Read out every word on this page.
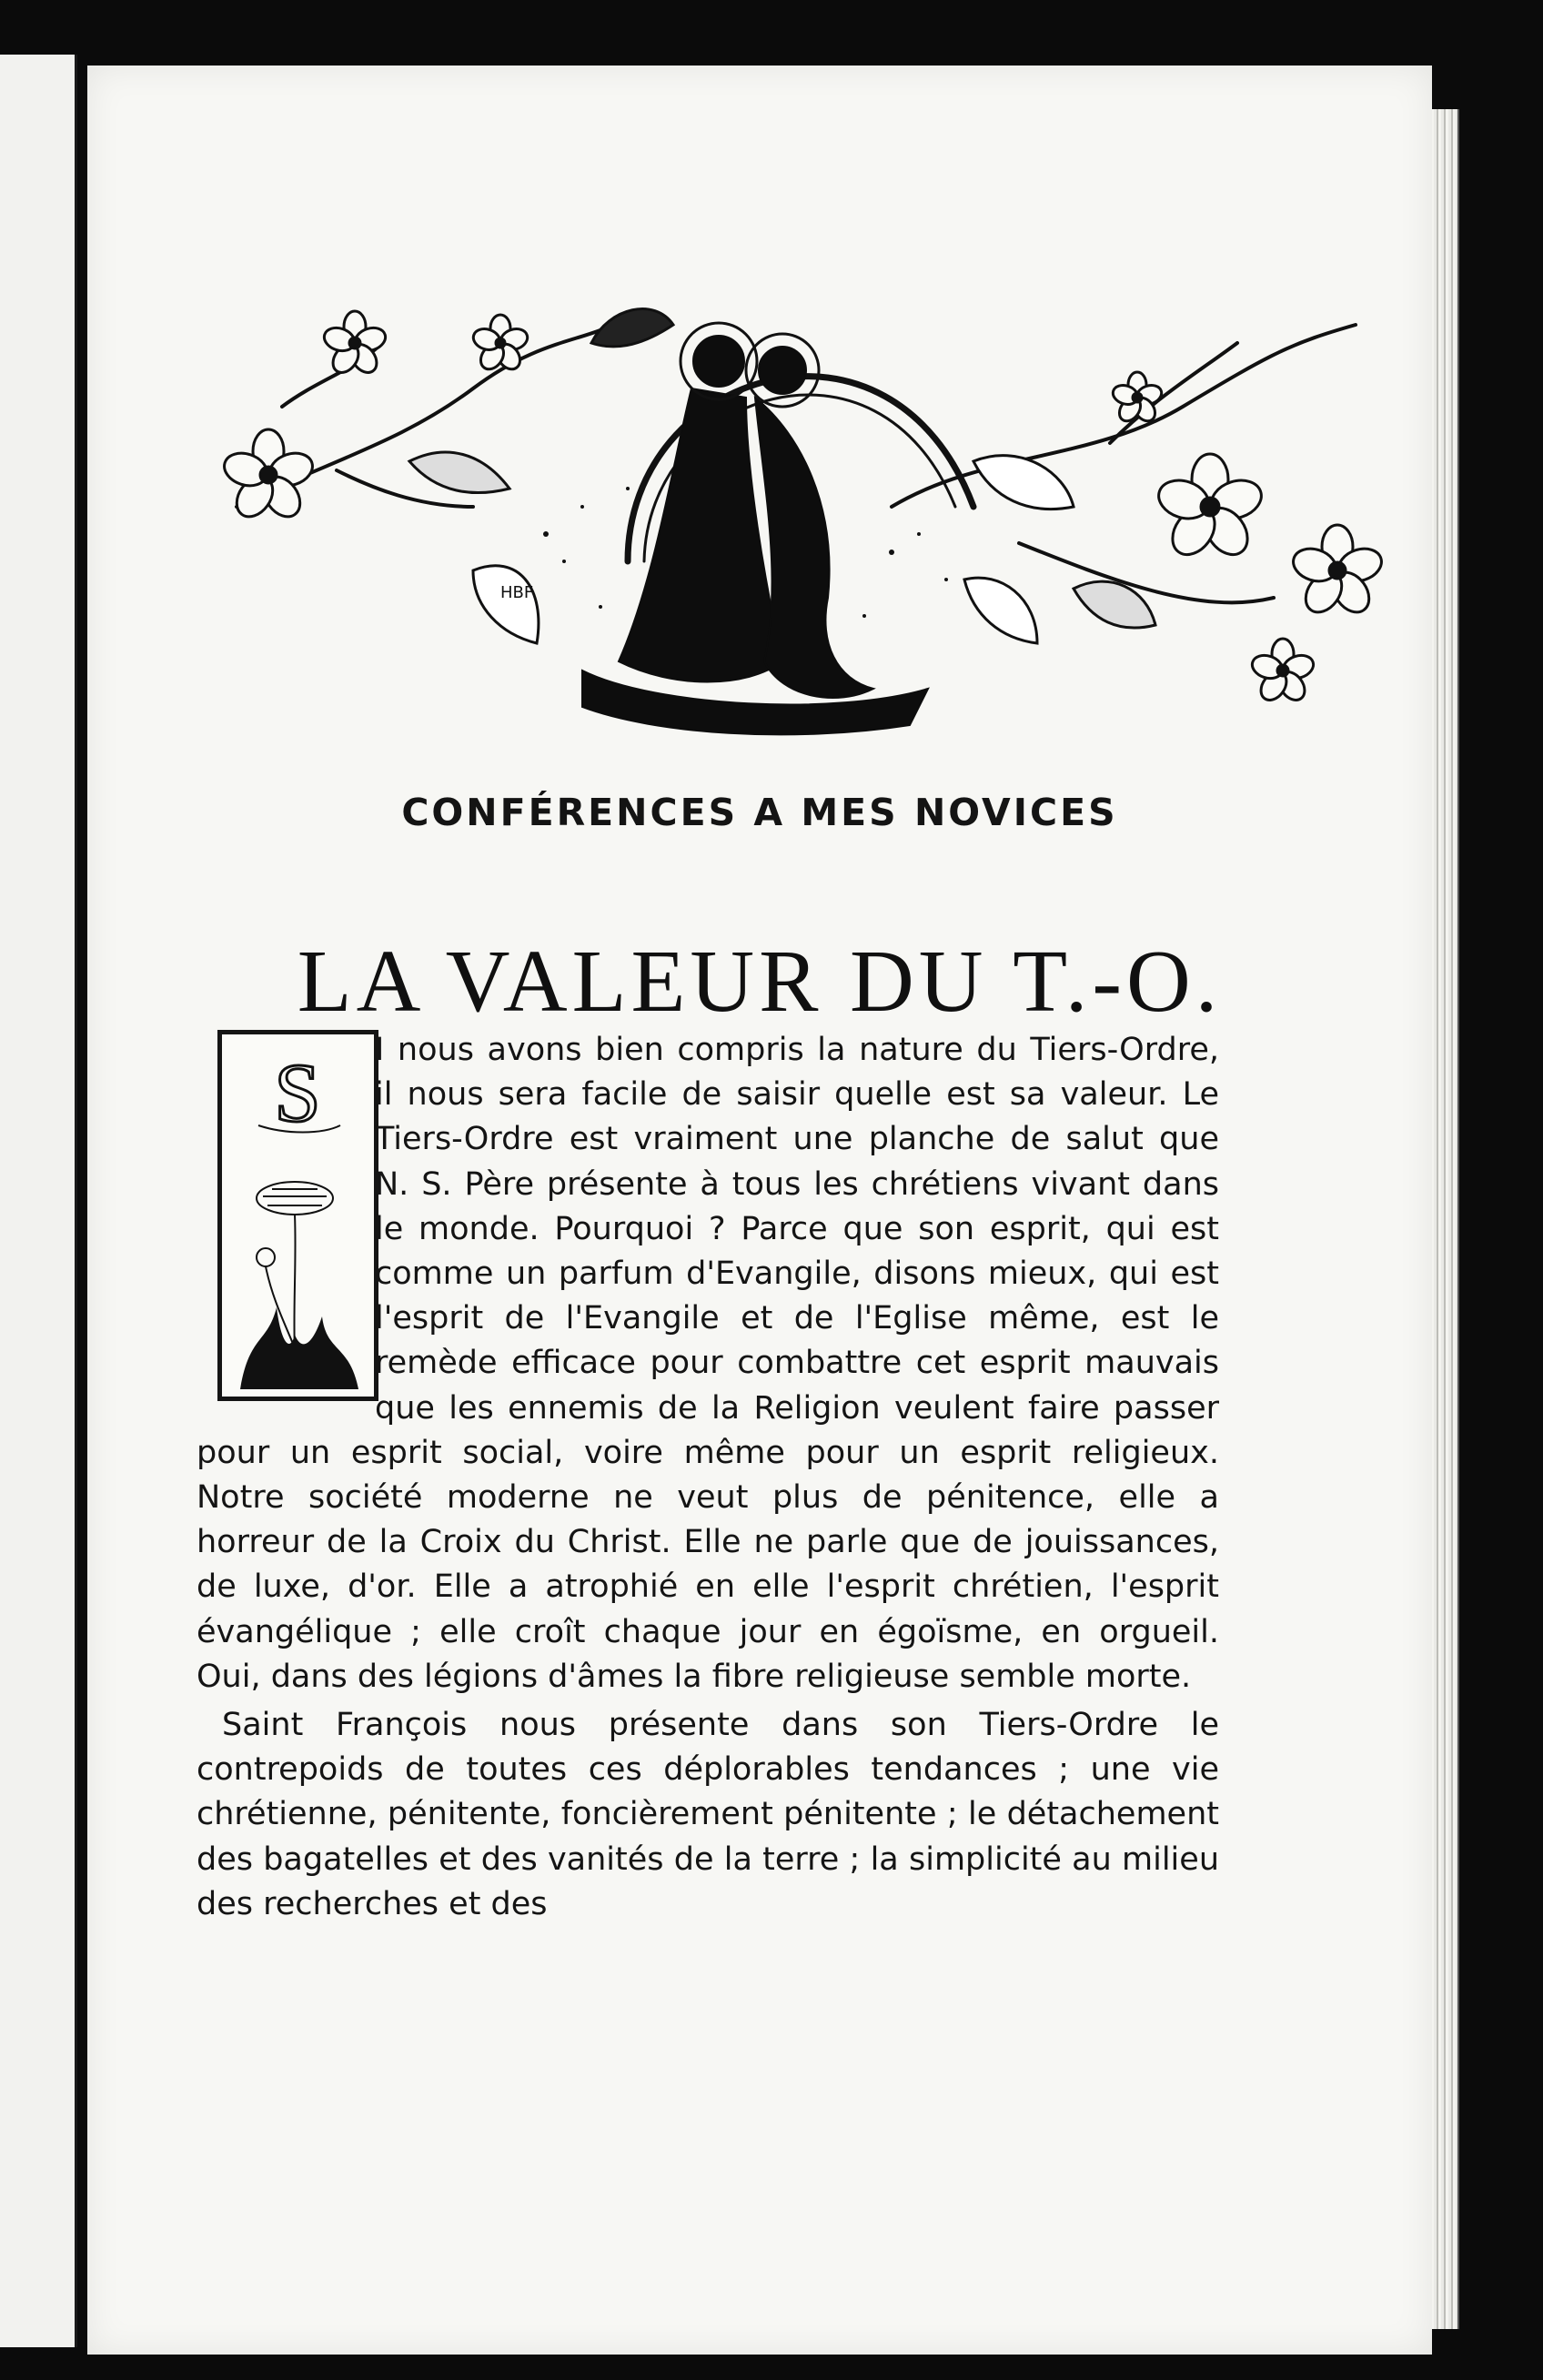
HBF
CONFÉRENCES A MES NOVICES
LA VALEUR DU T.-O.
S	I nous avons bien compris la nature du Tiers-Ordre, il nous sera facile de saisir quelle est sa valeur. Le Tiers-Ordre est vraiment une planche de salut que N. S. Père présente à tous les chrétiens vivant dans le monde. Pourquoi ? Parce que son esprit, qui est comme un parfum d'Evangile, disons mieux, qui est l'esprit de l'Evangile et de l'Eglise même, est le remède efficace pour combattre cet esprit mauvais que les ennemis de la Religion veulent faire passer pour un esprit social, voire même pour un esprit religieux. Notre société moderne ne veut plus de pénitence, elle a horreur de la Croix du Christ. Elle ne parle que de jouissances, de luxe, d'or. Elle a atrophié en elle l'esprit chrétien, l'esprit évangélique ; elle croît chaque jour en égoïsme, en orgueil. Oui, dans des légions d'âmes la fibre religieuse semble morte.

Saint François nous présente dans son Tiers-Ordre le contrepoids de toutes ces déplorables tendances ; une vie chrétienne, pénitente, foncièrement pénitente ; le détachement des bagatelles et des vanités de la terre ; la simplicité au milieu des recherches et des
